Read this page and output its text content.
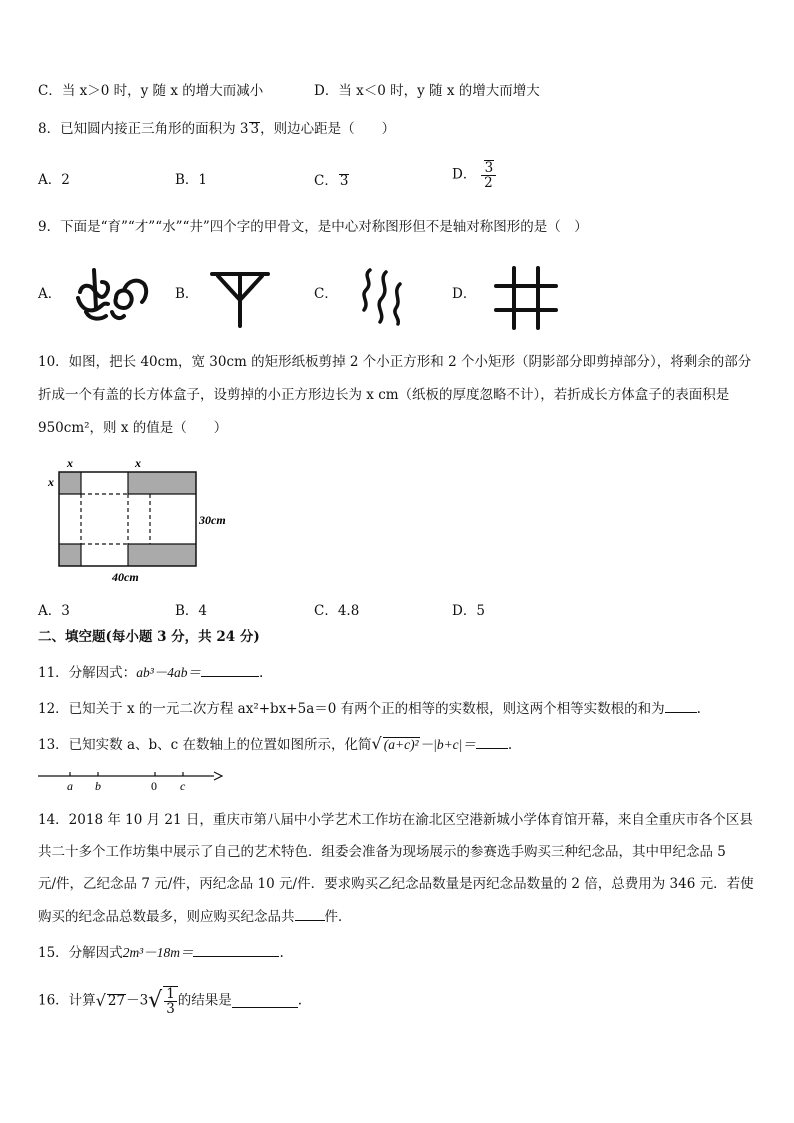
C．当 x＞0 时，y 随 x 的增大而减小	D．当 x＜0 时，y 随 x 的增大而增大
8．已知圆内接正三角形的面积为 3 3，则边心距是（　　）
A．2	B．1	C． 3	D． $\frac{3}{2}$
9．下面是“育”“才”“水”“井”四个字的甲骨文，是中心对称图形但不是轴对称图形的是（　）
A．	B．	C．	D．
10．如图，把长 40cm，宽 30cm 的矩形纸板剪掉 2 个小正方形和 2 个小矩形（阴影部分即剪掉部分），将剩余的部分
折成一个有盖的长方体盒子，设剪掉的小正方形边长为 x cm（纸板的厚度忽略不计），若折成长方体盒子的表面积是
950cm²，则 x 的值是（　　）
x	x
x
30cm
40cm
A．3	B．4	C．4.8	D．5
二、填空题(每小题 3 分，共 24 分)
11．分解因式：ab³－4ab＝	.
12．已知关于 x 的一元二次方程 ax²+bx+5a＝0 有两个正的相等的实数根，则这两个相等实数根的和为 .
13．已知实数 a、b、c 在数轴上的位置如图所示，化简√ (a+c)²－|b+c|＝ .
a b	0 c
14．2018 年 10 月 21 日，重庆市第八届中小学艺术工作坊在渝北区空港新城小学体育馆开幕，来自全重庆市各个区县
共二十多个工作坊集中展示了自己的艺术特色．组委会准备为现场展示的参赛选手购买三种纪念品，其中甲纪念品 5
元/件，乙纪念品 7 元/件，丙纪念品 10 元/件．要求购买乙纪念品数量是丙纪念品数量的 2 倍，总费用为 346 元．若使
购买的纪念品总数最多，则应购买纪念品共 件．
15．分解因式2m³－18m＝	.
16．计算√ $27-3√ \frac{1}{3}$ 的结果是	.
